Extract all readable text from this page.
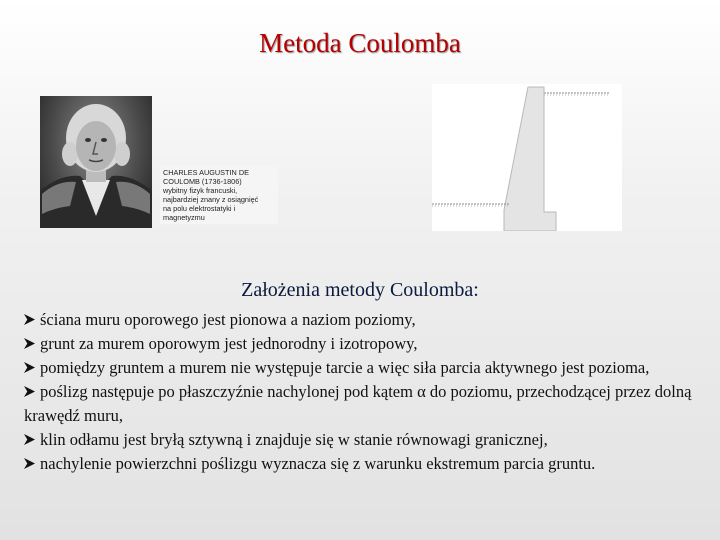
Metoda Coulomba
CHARLES AUGUSTIN DE
COULOMB (1736-1806)
wybitny fizyk francuski,
najbardziej znany z osiągnięć
na polu elektrostatyki i
magnetyzmu
Założenia metody Coulomba:
ściana muru oporowego jest pionowa a naziom poziomy,
grunt za murem oporowym jest jednorodny i izotropowy,
pomiędzy gruntem a murem nie występuje tarcie a więc siła parcia aktywnego jest pozioma,
poślizg następuje po płaszczyźnie nachylonej pod kątem α do poziomu, przechodzącej przez dolną krawędź muru,
klin odłamu jest bryłą sztywną i znajduje się w stanie równowagi granicznej,
nachylenie powierzchni poślizgu wyznacza się z warunku ekstremum parcia gruntu.
